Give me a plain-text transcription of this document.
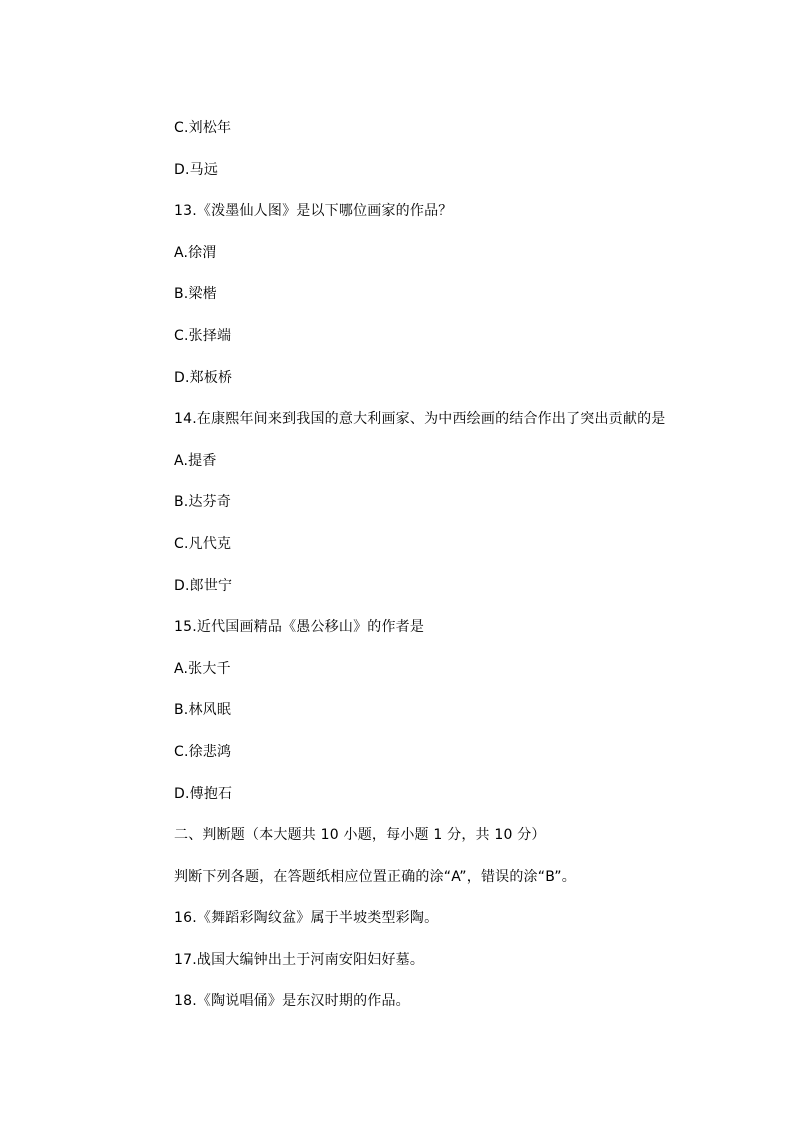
C.刘松年
D.马远
13.《泼墨仙人图》是以下哪位画家的作品？
A.徐渭
B.梁楷
C.张择端
D.郑板桥
14.在康熙年间来到我国的意大利画家、为中西绘画的结合作出了突出贡献的是
A.提香
B.达芬奇
C.凡代克
D.郎世宁
15.近代国画精品《愚公移山》的作者是
A.张大千
B.林风眠
C.徐悲鸿
D.傅抱石
二、判断题（本大题共 10 小题，每小题 1 分，共 10 分）
判断下列各题，在答题纸相应位置正确的涂“A”，错误的涂“B”。
16.《舞蹈彩陶纹盆》属于半坡类型彩陶。
17.战国大编钟出土于河南安阳妇好墓。
18.《陶说唱俑》是东汉时期的作品。
